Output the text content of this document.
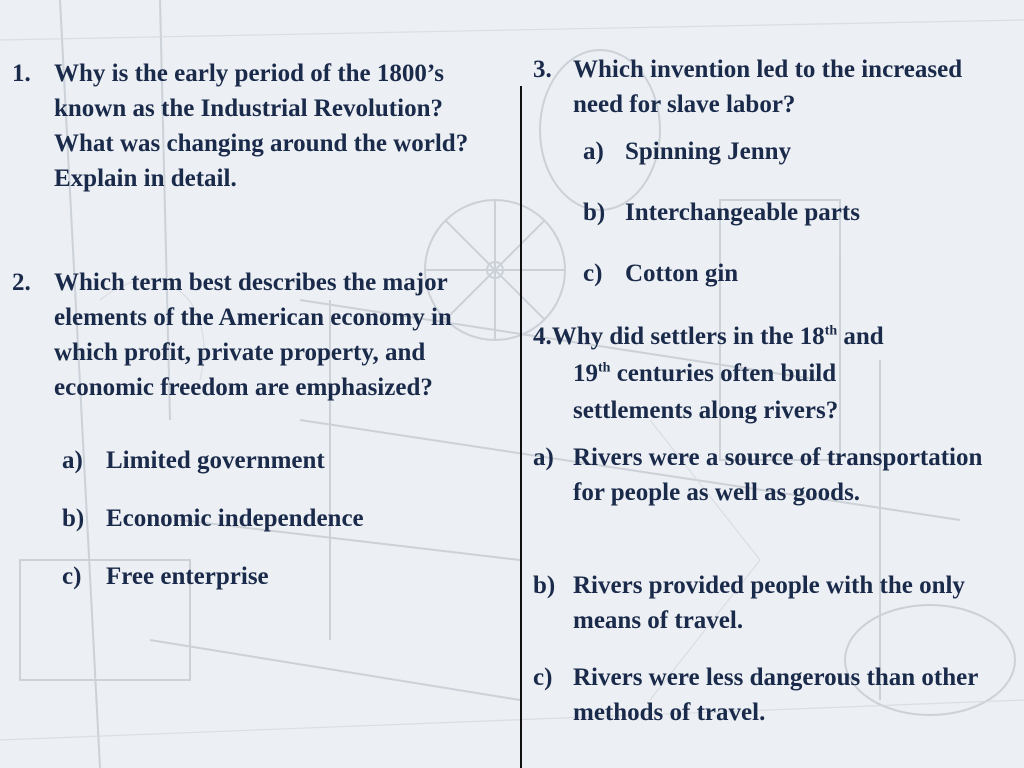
1. Why is the early period of the 1800’s known as the Industrial Revolution? What was changing around the world? Explain in detail.
2. Which term best describes the major elements of the American economy in which profit, private property, and economic freedom are emphasized?
a) Limited government
b) Economic independence
c) Free enterprise
3. Which invention led to the increased need for slave labor?
a) Spinning Jenny
b) Interchangeable parts
c) Cotton gin
4.Why did settlers in the 18th and
19th centuries often build
settlements along rivers?
a) Rivers were a source of transportation for people as well as goods.
b) Rivers provided people with the only means of travel.
c) Rivers were less dangerous than other methods of travel.
